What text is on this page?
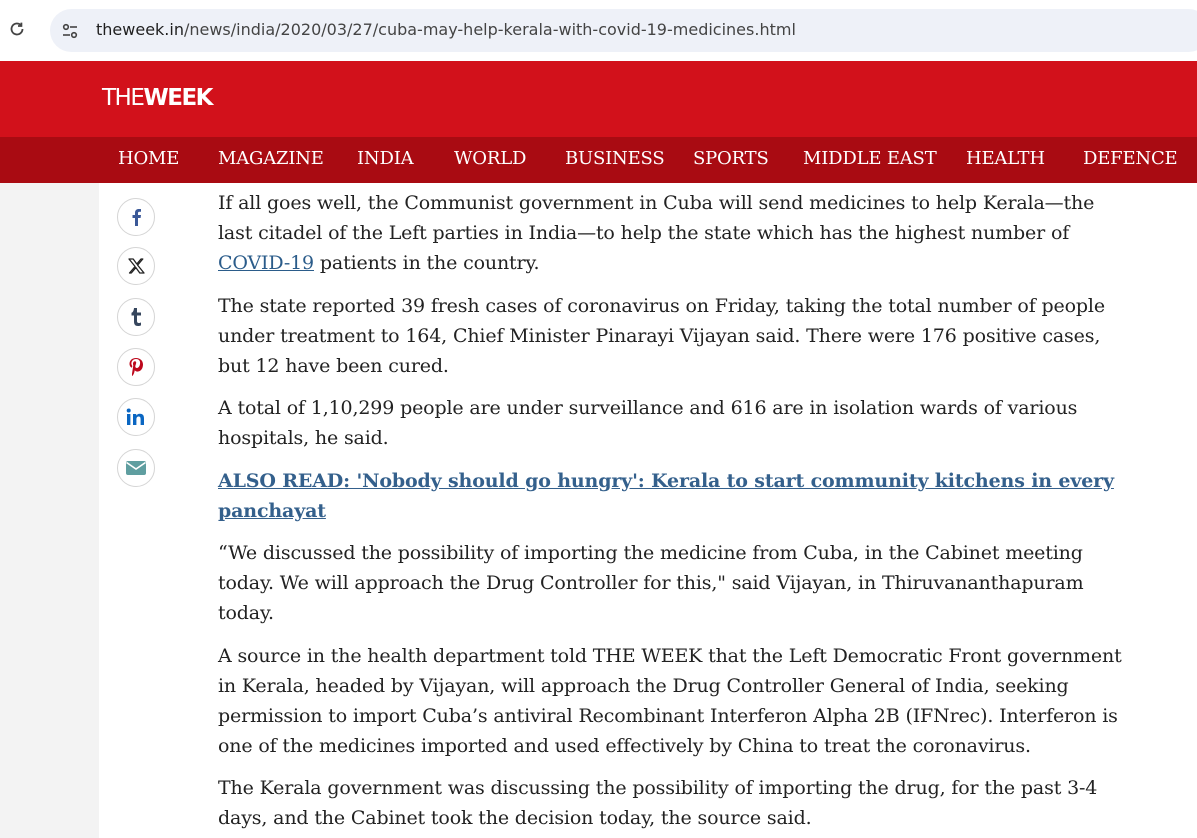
theweek.in/news/india/2020/03/27/cuba-may-help-kerala-with-covid-19-medicines.html
THEWEEK
HOME MAGAZINE INDIA WORLD BUSINESS SPORTS MIDDLE EAST HEALTH DEFENCE

If all goes well, the Communist government in Cuba will send medicines to help Kerala—the

last citadel of the Left parties in India—to help the state which has the highest number of

COVID-19 patients in the country.

The state reported 39 fresh cases of coronavirus on Friday, taking the total number of people

under treatment to 164, Chief Minister Pinarayi Vijayan said. There were 176 positive cases,

but 12 have been cured.

A total of 1,10,299 people are under surveillance and 616 are in isolation wards of various

hospitals, he said.

ALSO READ: 'Nobody should go hungry': Kerala to start community kitchens in every

panchayat

“We discussed the possibility of importing the medicine from Cuba, in the Cabinet meeting

today. We will approach the Drug Controller for this," said Vijayan, in Thiruvananthapuram

today.

A source in the health department told THE WEEK that the Left Democratic Front government

in Kerala, headed by Vijayan, will approach the Drug Controller General of India, seeking

permission to import Cuba’s antiviral Recombinant Interferon Alpha 2B (IFNrec). Interferon is

one of the medicines imported and used effectively by China to treat the coronavirus.

The Kerala government was discussing the possibility of importing the drug, for the past 3-4

days, and the Cabinet took the decision today, the source said.
